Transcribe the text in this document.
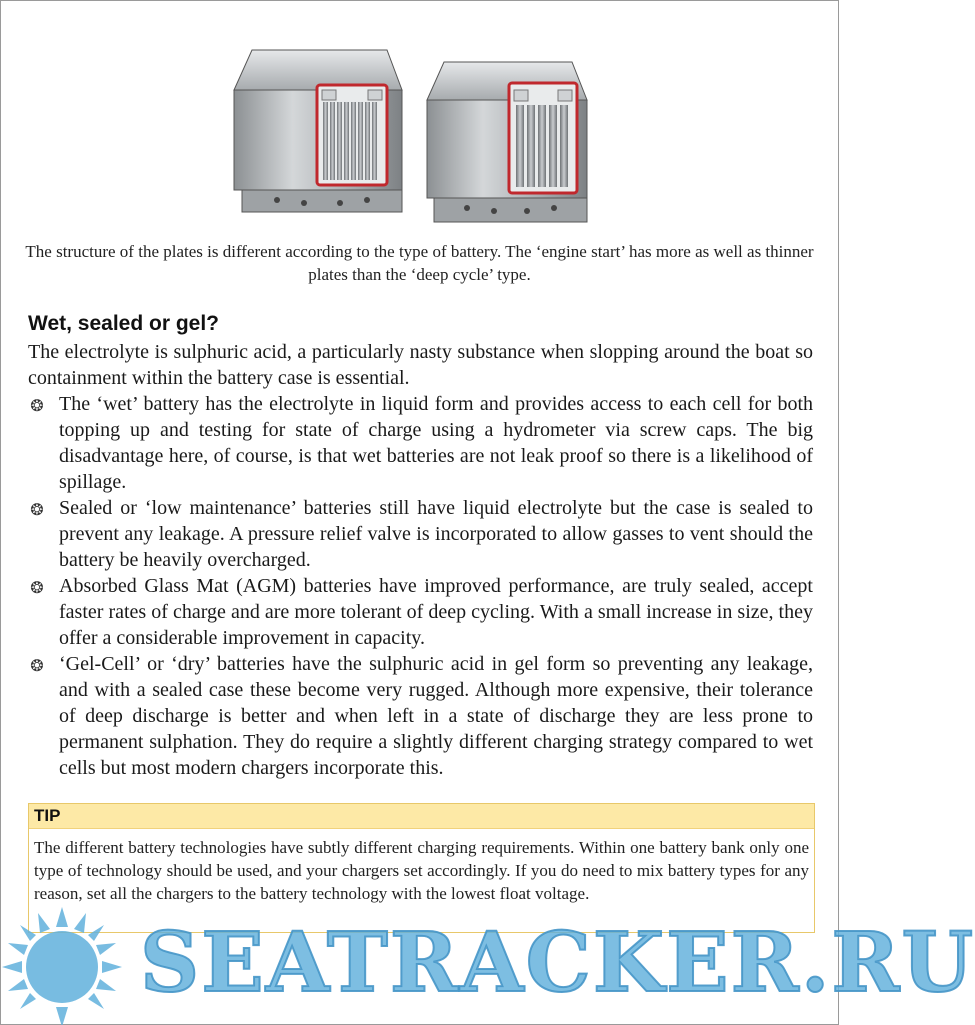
The structure of the plates is different according to the type of battery. The ‘engine start’ has more as well as thinner plates than the ‘deep cycle’ type.
Wet, sealed or gel?
The electrolyte is sulphuric acid, a particularly nasty substance when slopping around the boat so containment within the battery case is essential.
❂ The ‘wet’ battery has the electrolyte in liquid form and provides access to each cell for both topping up and testing for state of charge using a hydrometer via screw caps. The big disadvantage here, of course, is that wet batteries are not leak proof so there is a likelihood of spillage.
❂ Sealed or ‘low maintenance’ batteries still have liquid electrolyte but the case is sealed to prevent any leakage. A pressure relief valve is incorporated to allow gasses to vent should the battery be heavily overcharged.
❂ Absorbed Glass Mat (AGM) batteries have improved performance, are truly sealed, accept faster rates of charge and are more tolerant of deep cycling. With a small increase in size, they offer a considerable improvement in capacity.
❂ ‘Gel-Cell’ or ‘dry’ batteries have the sulphuric acid in gel form so preventing any leakage, and with a sealed case these become very rugged. Although more expensive, their tolerance of deep discharge is better and when left in a state of discharge they are less prone to permanent sulphation. They do require a slightly different charging strategy compared to wet cells but most modern chargers incorporate this.
TIP
The different battery technologies have subtly different charging requirements. Within one battery bank only one type of technology should be used, and your chargers set accordingly. If you do need to mix battery types for any reason, set all the chargers to the battery technology with the lowest float voltage.
SEATRACKER.RU
